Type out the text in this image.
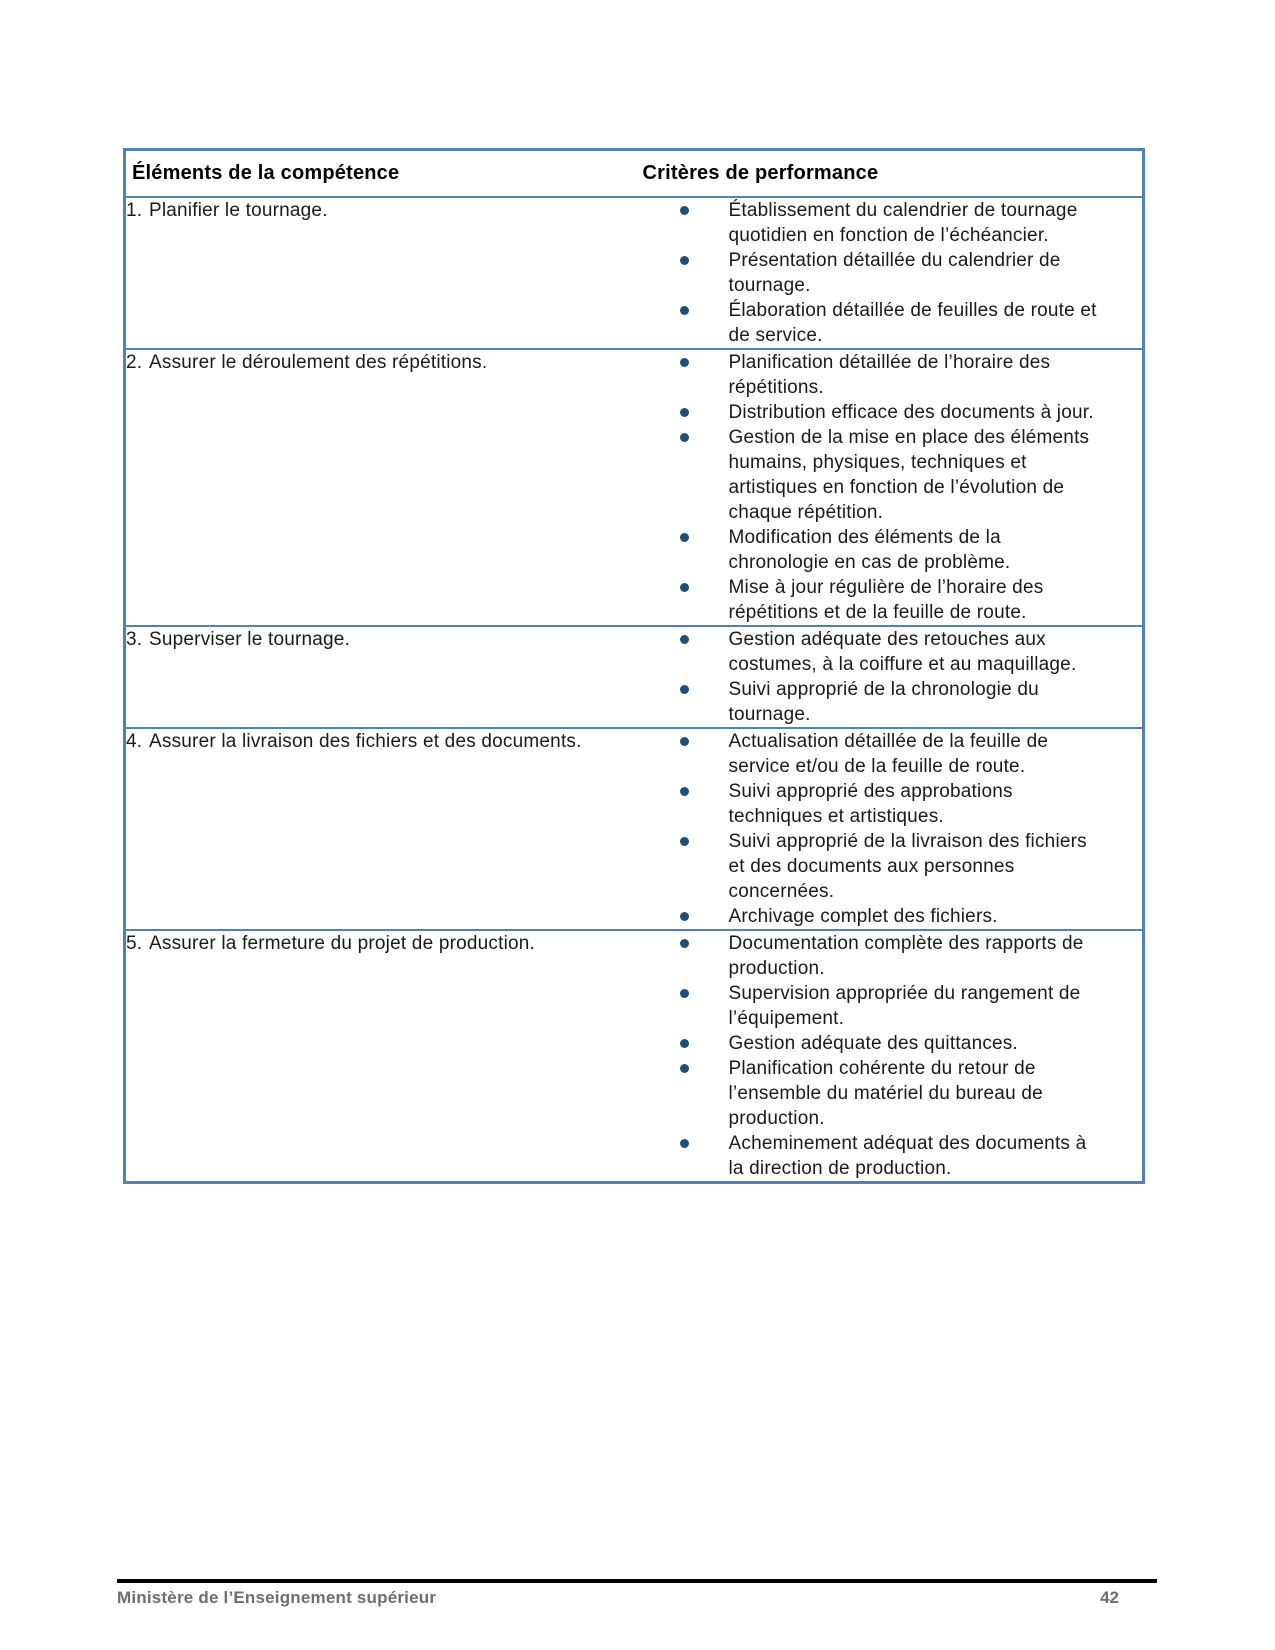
Éléments de la compétence	Critères de performance

1. Planifier le tournage.	Établissement du calendrier de tournage quotidien en fonction de l’échéancier.
Présentation détaillée du calendrier de tournage.
Élaboration détaillée de feuilles de route et de service.

2. Assurer le déroulement des répétitions.	Planification détaillée de l’horaire des répétitions.
Distribution efficace des documents à jour.
Gestion de la mise en place des éléments humains, physiques, techniques et artistiques en fonction de l’évolution de chaque répétition.
Modification des éléments de la chronologie en cas de problème.
Mise à jour régulière de l’horaire des répétitions et de la feuille de route.

3. Superviser le tournage.	Gestion adéquate des retouches aux costumes, à la coiffure et au maquillage.
Suivi approprié de la chronologie du tournage.

4. Assurer la livraison des fichiers et des documents.	Actualisation détaillée de la feuille de service et/ou de la feuille de route.
Suivi approprié des approbations techniques et artistiques.
Suivi approprié de la livraison des fichiers et des documents aux personnes concernées.
Archivage complet des fichiers.

5. Assurer la fermeture du projet de production.	Documentation complète des rapports de production.
Supervision appropriée du rangement de l’équipement.
Gestion adéquate des quittances.
Planification cohérente du retour de l’ensemble du matériel du bureau de production.
Acheminement adéquat des documents à la direction de production.
Ministère de l’Enseignement supérieur	42
